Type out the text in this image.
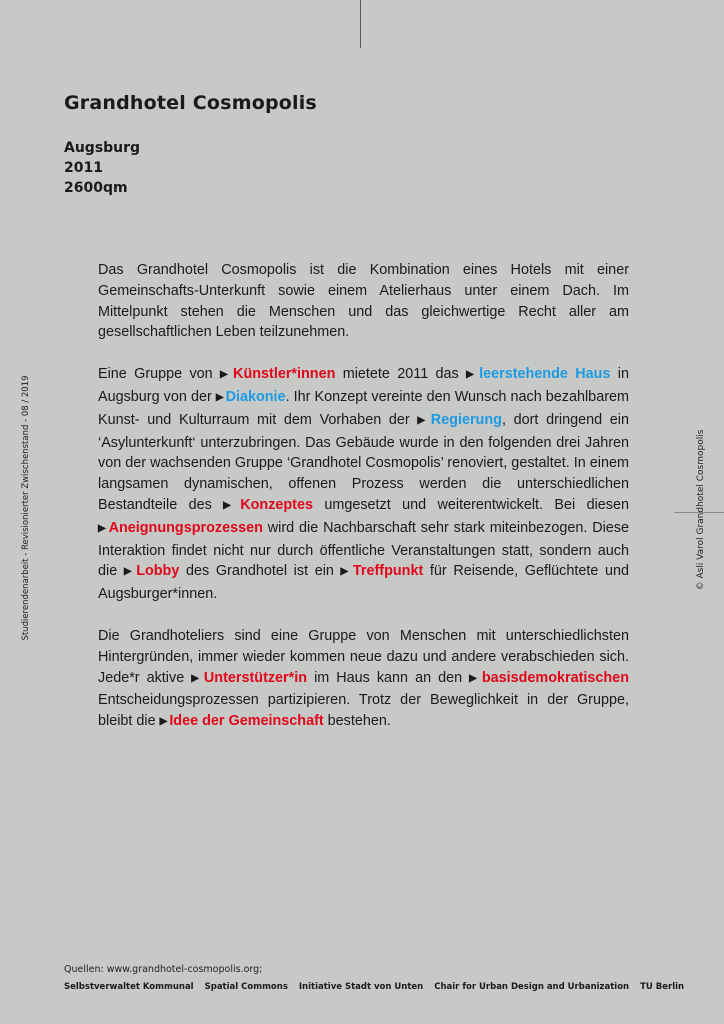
Grandhotel Cosmopolis
Augsburg
2011
2600qm

Das Grandhotel Cosmopolis ist die Kombination eines Hotels mit einer Gemeinschafts-Unterkunft sowie einem Atelierhaus unter einem Dach. Im Mittelpunkt stehen die Menschen und das gleichwertige Recht aller am gesellschaftlichen Leben teilzunehmen.

Eine Gruppe von ▶ Künstler*innen mietete 2011 das ▶ leerstehende Haus in Augsburg von der ▶ Diakonie. Ihr Konzept vereinte den Wunsch nach bezahlbarem Kunst- und Kulturraum mit dem Vorhaben der ▶ Regierung, dort dringend ein ‘Asylunterkunft‘ unterzubringen. Das Gebäude wurde in den folgenden drei Jahren von der wachsenden Gruppe ‘Grandhotel Cosmopolis’ renoviert, gestaltet. In einem langsamen dynamischen, offenen Prozess werden die unterschiedlichen Bestandteile des ▶ Konzeptes umgesetzt und weiterentwickelt. Bei diesen ▶ Aneignungsprozessen wird die Nachbarschaft sehr stark miteinbezogen. Diese Interaktion findet nicht nur durch öffentliche Veranstaltungen statt, sondern auch die ▶ Lobby des Grandhotel ist ein ▶ Treffpunkt für Reisende, Geflüchtete und Augsburger*innen.

Die Grandhoteliers sind eine Gruppe von Menschen mit unterschiedlichsten Hintergründen, immer wieder kommen neue dazu und andere verabschieden sich. Jede*r aktive ▶ Unterstützer*in im Haus kann an den ▶ basisdemokratischen Entscheidungsprozessen partizipieren. Trotz der Beweglichkeit in der Gruppe, bleibt die ▶ Idee der Gemeinschaft bestehen.

Studierendenarbeit - Revisionierter Zwischenstand - 08 / 2019	© Asli Varol Grandhotel Cosmopolis
Quellen: www.grandhotel-cosmopolis.org;
Selbstverwaltet Kommunal Spatial Commons Initiative Stadt von Unten Chair for Urban Design and Urbanization TU Berlin
